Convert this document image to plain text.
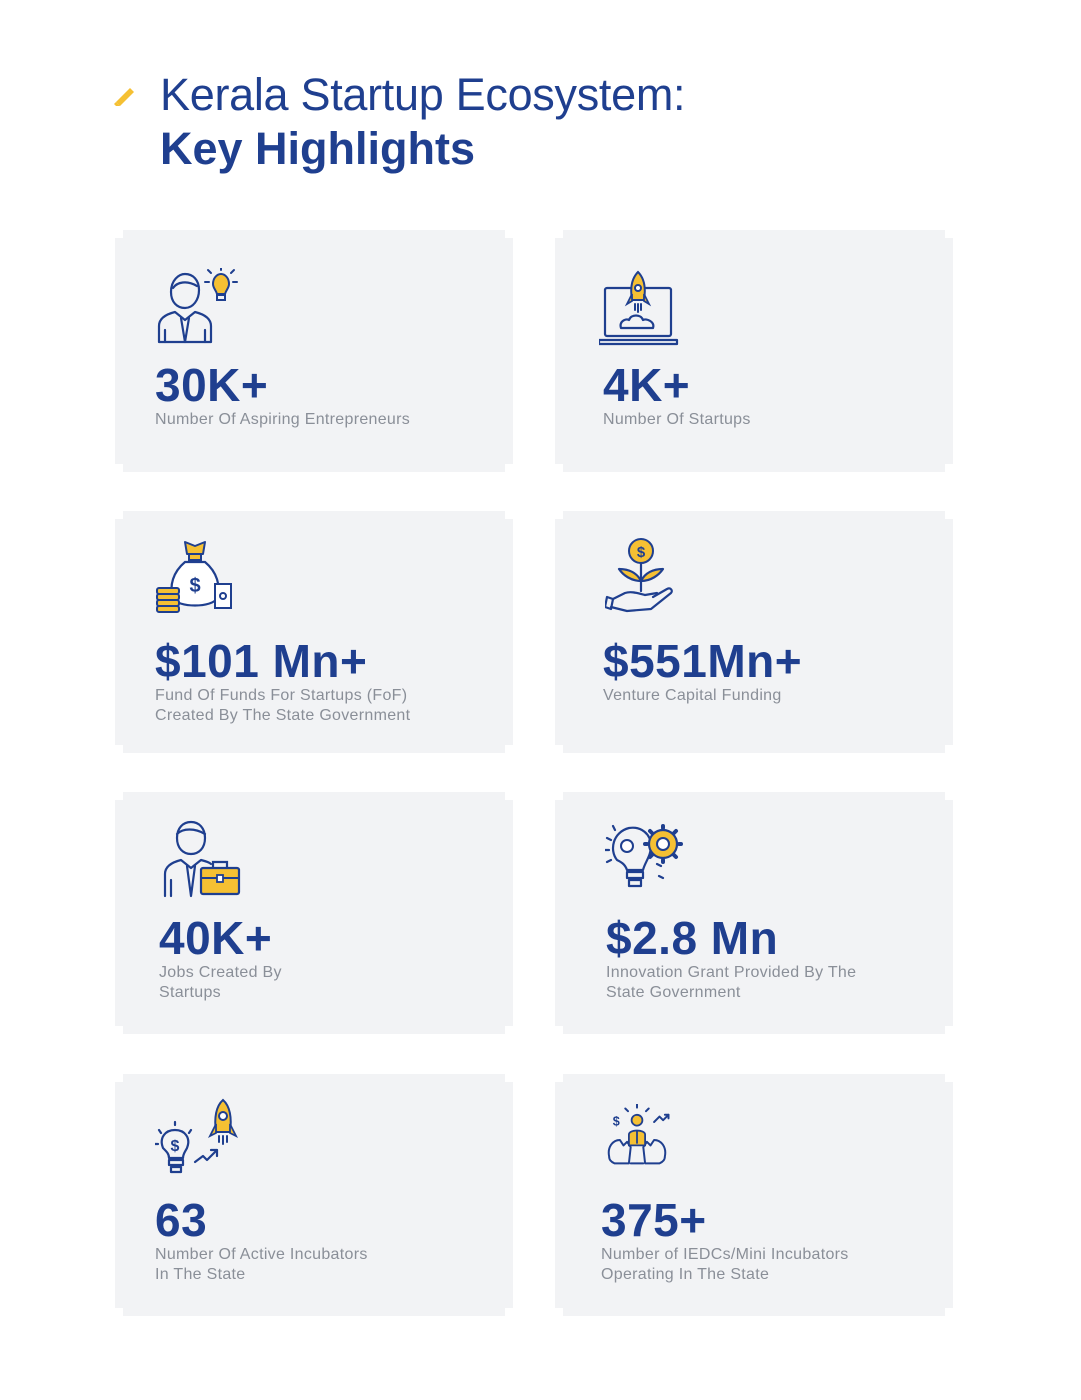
Kerala Startup Ecosystem:
Key Highlights
30K+
Number Of Aspiring Entrepreneurs
4K+
Number Of Startups
$
$101 Mn+
Fund Of Funds For Startups (FoF)
Created By The State Government
$
$551Mn+
Venture Capital Funding
40K+
Jobs Created By
Startups
$2.8 Mn
Innovation Grant Provided By The
State Government
$
63
Number Of Active Incubators
In The State
$
375+
Number of IEDCs/Mini Incubators
Operating In The State
